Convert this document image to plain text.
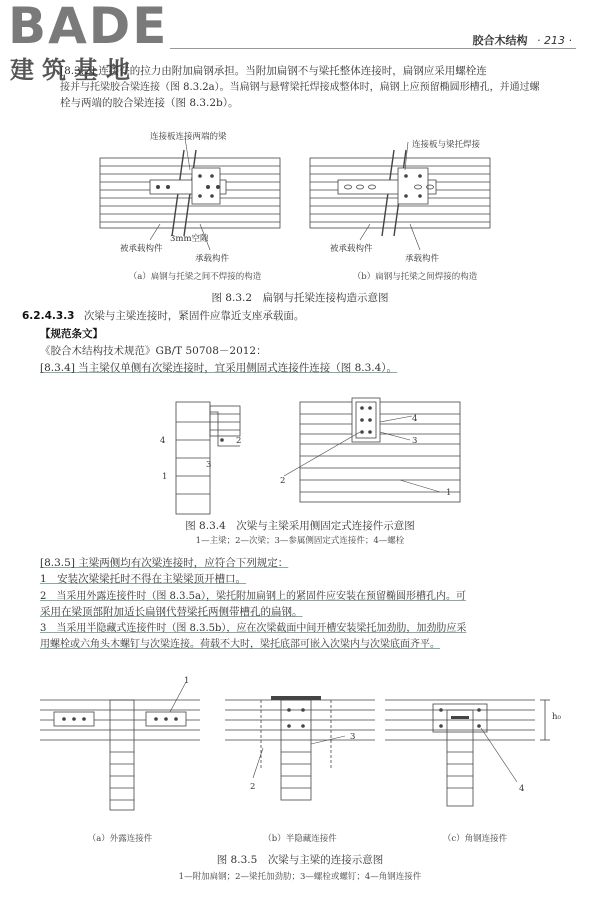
BADE
建筑基地
胶合木结构 · 213 ·
[8.3.2] 连接件的拉力由附加扁钢承担。当附加扁钢不与梁托整体连接时，扁钢应采用螺栓连
接并与托梁胶合梁连接（图 8.3.2a）。当扁钢与悬臂梁托焊接成整体时，扁钢上应预留椭圆形槽孔，并通过螺
栓与两端的胶合梁连接（图 8.3.2b）。
连接板连接两端的梁
连接板与梁托焊接
3mm空隙
被承载构件
承载构件
被承载构件
承载构件
（a）扁钢与托梁之间不焊接的构造	（b）扁钢与托梁之间焊接的构造
图 8.3.2　扁钢与托梁连接构造示意图
6.2.4.3.3 次梁与主梁连接时，紧固件应靠近支座承载面。
【规范条文】
《胶合木结构技术规范》GB/T 50708－2012：
[8.3.4] 当主梁仅单侧有次梁连接时，宜采用侧固式连接件连接（图 8.3.4）。
4	2
3
1
4
3
2
1
图 8.3.4　次梁与主梁采用侧固定式连接件示意图
1—主梁；2—次梁；3—参属侧固定式连接件；4—螺栓
[8.3.5] 主梁两侧均有次梁连接时，应符合下列规定：
1　安装次梁梁托时不得在主梁梁顶开槽口。
2　当采用外露连接件时（图 8.3.5a），梁托附加扁钢上的紧固件应安装在预留椭圆形槽孔内。可
采用在梁顶部附加适长扁钢代替梁托两侧带槽孔的扁钢。
3　当采用半隐藏式连接件时（图 8.3.5b），应在次梁截面中间开槽安装梁托加劲肋，加劲肋应采
用螺栓或六角头木螺钉与次梁连接。荷载不大时，梁托底部可嵌入次梁内与次梁底面齐平。
1
2
3
4
h₀
（a）外露连接件	（b）半隐藏连接件	（c）角钢连接件
图 8.3.5　次梁与主梁的连接示意图
1—附加扁钢；2—梁托加劲肋；3—螺栓或螺钉；4—角钢连接件
